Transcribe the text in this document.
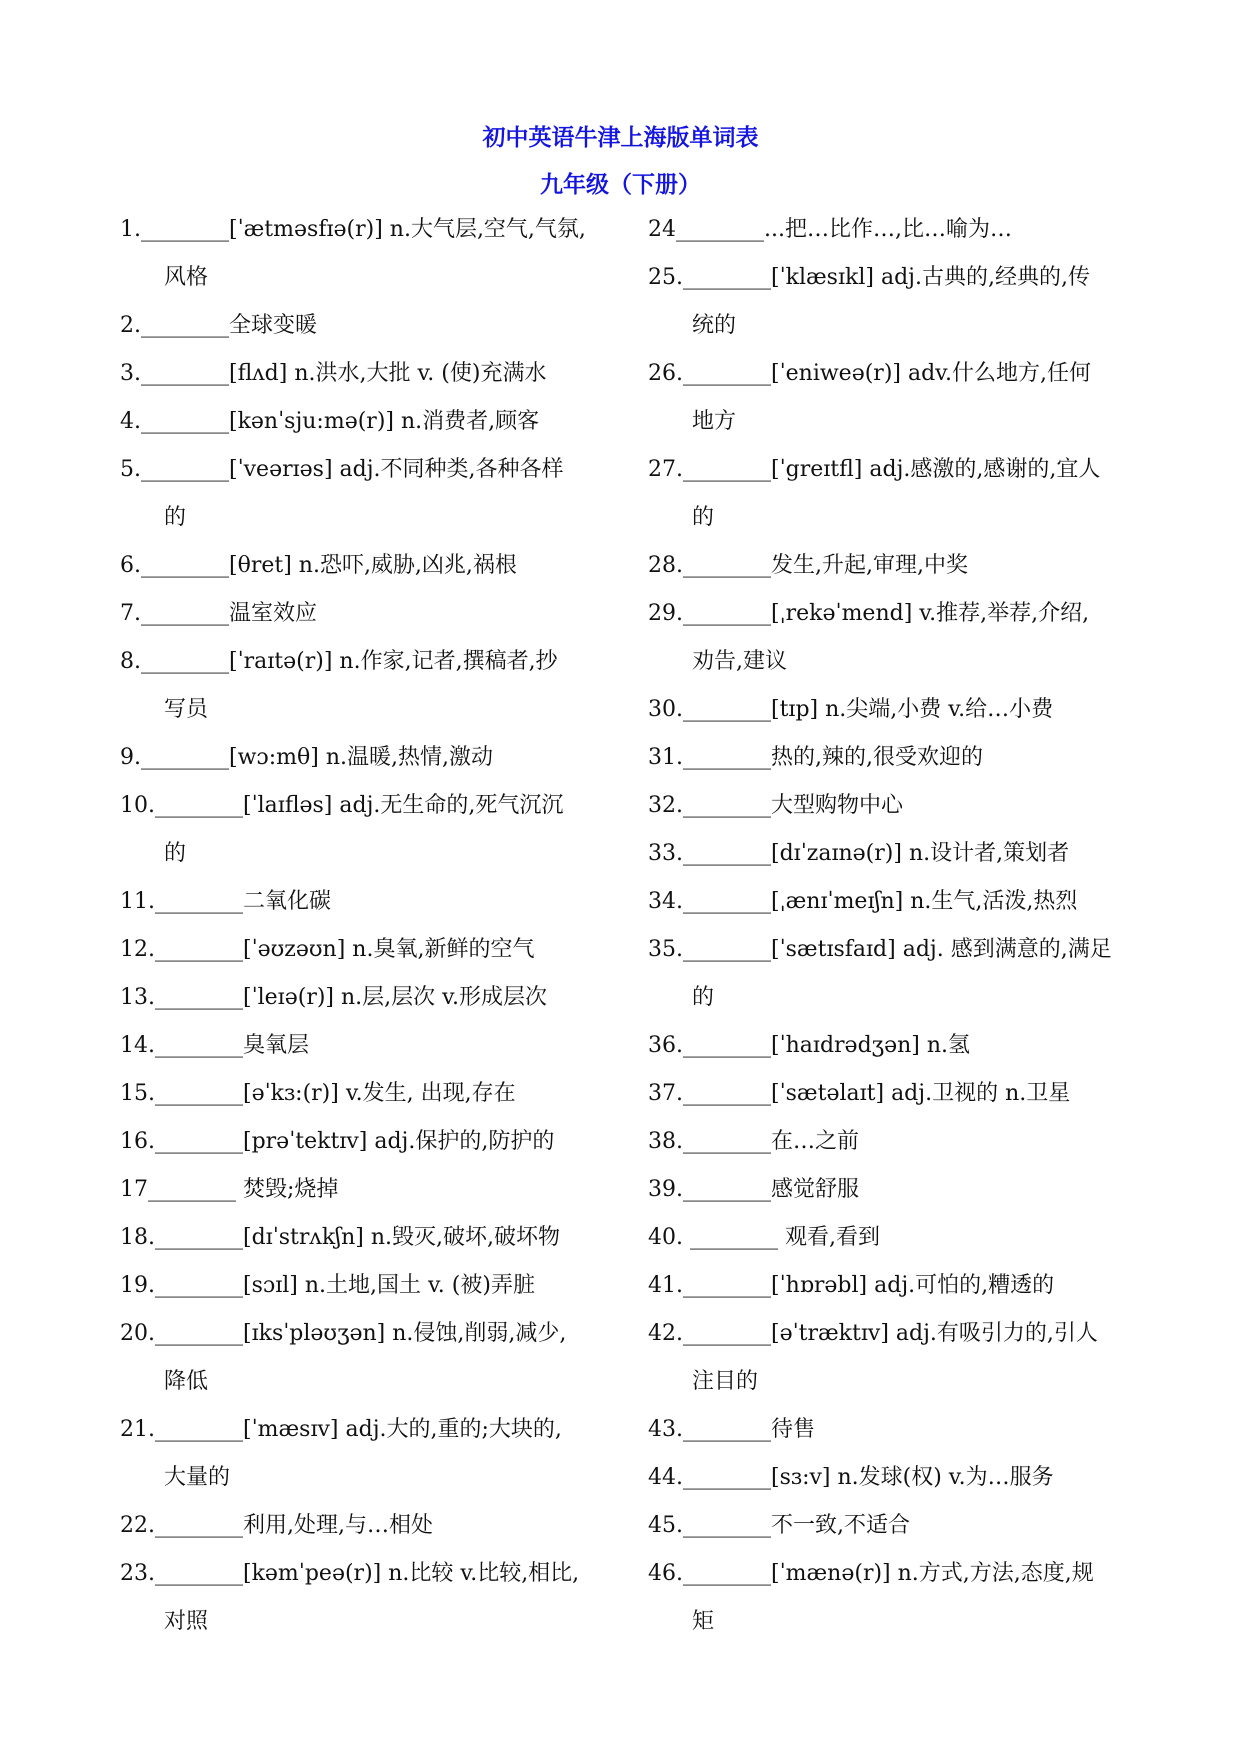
初中英语牛津上海版单词表
九年级（下册）
1.________[ˈætməsfɪə(r)] n.大气层,空气,气氛,
风格
2.________全球变暖
3.________[flʌd] n.洪水,大批 v. (使)充满水
4.________[kənˈsju:mə(r)] n.消费者,顾客
5.________[ˈveərɪəs] adj.不同种类,各种各样
的
6.________[θret] n.恐吓,威胁,凶兆,祸根
7.________温室效应
8.________[ˈraɪtə(r)] n.作家,记者,撰稿者,抄
写员
9.________[wɔ:mθ] n.温暖,热情,激动
10.________[ˈlaɪfləs] adj.无生命的,死气沉沉
的
11.________二氧化碳
12.________[ˈəʊzəʊn] n.臭氧,新鲜的空气
13.________[ˈleɪə(r)] n.层,层次 v.形成层次
14.________臭氧层
15.________[əˈkɜ:(r)] v.发生, 出现,存在
16.________[prəˈtektɪv] adj.保护的,防护的
17________ 焚毁;烧掉
18.________[dɪˈstrʌkʃn] n.毁灭,破坏,破坏物
19.________[sɔɪl] n.土地,国土 v. (被)弄脏
20.________[ɪksˈpləʊʒən] n.侵蚀,削弱,减少,
降低
21.________[ˈmæsɪv] adj.大的,重的;大块的,
大量的
22.________利用,处理,与…相处
23.________[kəmˈpeə(r)] n.比较 v.比较,相比,
对照
24________...把…比作…,比…喻为…
25.________[ˈklæsɪkl] adj.古典的,经典的,传
统的
26.________[ˈeniweə(r)] adv.什么地方,任何
地方
27.________[ˈgreɪtfl] adj.感激的,感谢的,宜人
的
28.________发生,升起,审理,中奖
29.________[ˌrekəˈmend] v.推荐,举荐,介绍,
劝告,建议
30.________[tɪp] n.尖端,小费 v.给…小费
31.________热的,辣的,很受欢迎的
32.________大型购物中心
33.________[dɪˈzaɪnə(r)] n.设计者,策划者
34.________[ˌænɪˈmeɪʃn] n.生气,活泼,热烈
35.________[ˈsætɪsfaɪd] adj. 感到满意的,满足
的
36.________[ˈhaɪdrədʒən] n.氢
37.________[ˈsætəlaɪt] adj.卫视的 n.卫星
38.________在…之前
39.________感觉舒服
40. ________ 观看,看到
41.________[ˈhɒrəbl] adj.可怕的,糟透的
42.________[əˈtræktɪv] adj.有吸引力的,引人
注目的
43.________待售
44.________[sɜ:v] n.发球(权) v.为…服务
45.________不一致,不适合
46.________[ˈmænə(r)] n.方式,方法,态度,规
矩
